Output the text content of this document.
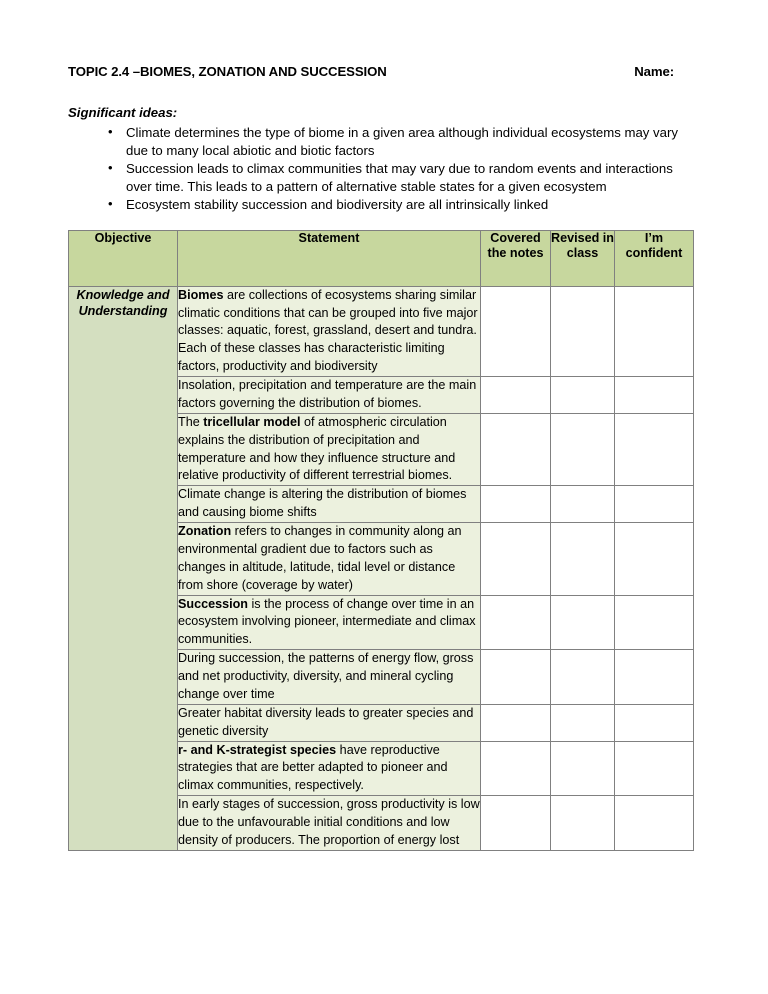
TOPIC 2.4 –BIOMES, ZONATION AND SUCCESSION	Name:
Significant ideas:
• Climate determines the type of biome in a given area although individual ecosystems may vary due to many local abiotic and biotic factors
• Succession leads to climax communities that may vary due to random events and interactions over time. This leads to a pattern of alternative stable states for a given ecosystem
• Ecosystem stability succession and biodiversity are all intrinsically linked
Objective	Statement	Covered the notes	Revised in class	I’m confident
Knowledge and Understanding	Biomes are collections of ecosystems sharing similar climatic conditions that can be grouped into five major classes: aquatic, forest, grassland, desert and tundra. Each of these classes has characteristic limiting factors, productivity and biodiversity			
	Insolation, precipitation and temperature are the main factors governing the distribution of biomes.			
	The tricellular model of atmospheric circulation explains the distribution of precipitation and temperature and how they influence structure and relative productivity of different terrestrial biomes.			
	Climate change is altering the distribution of biomes and causing biome shifts			
	Zonation refers to changes in community along an environmental gradient due to factors such as changes in altitude, latitude, tidal level or distance from shore (coverage by water)			
	Succession is the process of change over time in an ecosystem involving pioneer, intermediate and climax communities.			
	During succession, the patterns of energy flow, gross and net productivity, diversity, and mineral cycling change over time			
	Greater habitat diversity leads to greater species and genetic diversity			
	r- and K-strategist species have reproductive strategies that are better adapted to pioneer and climax communities, respectively.			
	In early stages of succession, gross productivity is low due to the unfavourable initial conditions and low density of producers. The proportion of energy lost			
